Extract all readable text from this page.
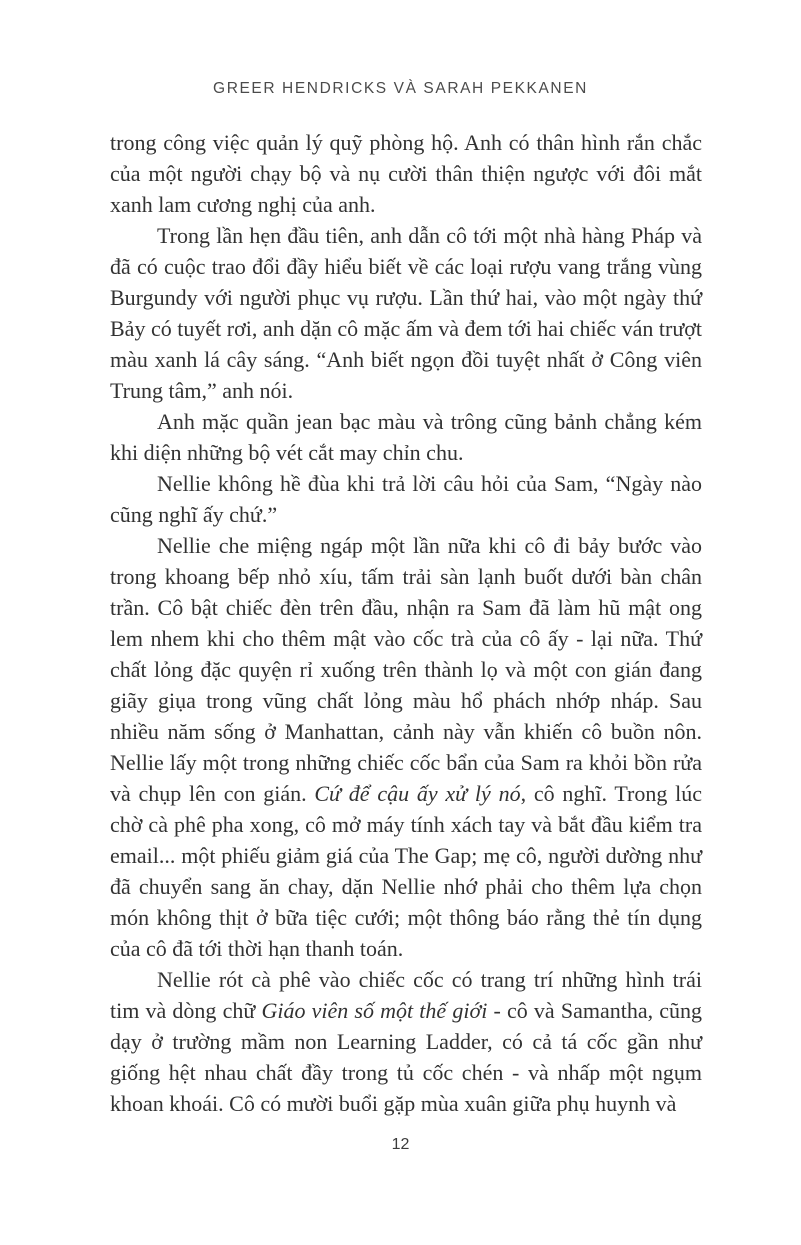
GREER HENDRICKS VÀ SARAH PEKKANEN

trong công việc quản lý quỹ phòng hộ. Anh có thân hình rắn chắc của một người chạy bộ và nụ cười thân thiện ngược với đôi mắt xanh lam cương nghị của anh.

Trong lần hẹn đầu tiên, anh dẫn cô tới một nhà hàng Pháp và đã có cuộc trao đổi đầy hiểu biết về các loại rượu vang trắng vùng Burgundy với người phục vụ rượu. Lần thứ hai, vào một ngày thứ Bảy có tuyết rơi, anh dặn cô mặc ấm và đem tới hai chiếc ván trượt màu xanh lá cây sáng. “Anh biết ngọn đồi tuyệt nhất ở Công viên Trung tâm,” anh nói.

Anh mặc quần jean bạc màu và trông cũng bảnh chẳng kém khi diện những bộ vét cắt may chỉn chu.

Nellie không hề đùa khi trả lời câu hỏi của Sam, “Ngày nào cũng nghĩ ấy chứ.”

Nellie che miệng ngáp một lần nữa khi cô đi bảy bước vào trong khoang bếp nhỏ xíu, tấm trải sàn lạnh buốt dưới bàn chân trần. Cô bật chiếc đèn trên đầu, nhận ra Sam đã làm hũ mật ong lem nhem khi cho thêm mật vào cốc trà của cô ấy - lại nữa. Thứ chất lỏng đặc quyện rỉ xuống trên thành lọ và một con gián đang giãy giụa trong vũng chất lỏng màu hổ phách nhớp nháp. Sau nhiều năm sống ở Manhattan, cảnh này vẫn khiến cô buồn nôn. Nellie lấy một trong những chiếc cốc bẩn của Sam ra khỏi bồn rửa và chụp lên con gián. Cứ để cậu ấy xử lý nó, cô nghĩ. Trong lúc chờ cà phê pha xong, cô mở máy tính xách tay và bắt đầu kiểm tra email... một phiếu giảm giá của The Gap; mẹ cô, người dường như đã chuyển sang ăn chay, dặn Nellie nhớ phải cho thêm lựa chọn món không thịt ở bữa tiệc cưới; một thông báo rằng thẻ tín dụng của cô đã tới thời hạn thanh toán.

Nellie rót cà phê vào chiếc cốc có trang trí những hình trái tim và dòng chữ Giáo viên số một thế giới - cô và Samantha, cũng dạy ở trường mầm non Learning Ladder, có cả tá cốc gần như giống hệt nhau chất đầy trong tủ cốc chén - và nhấp một ngụm khoan khoái. Cô có mười buổi gặp mùa xuân giữa phụ huynh và

12
